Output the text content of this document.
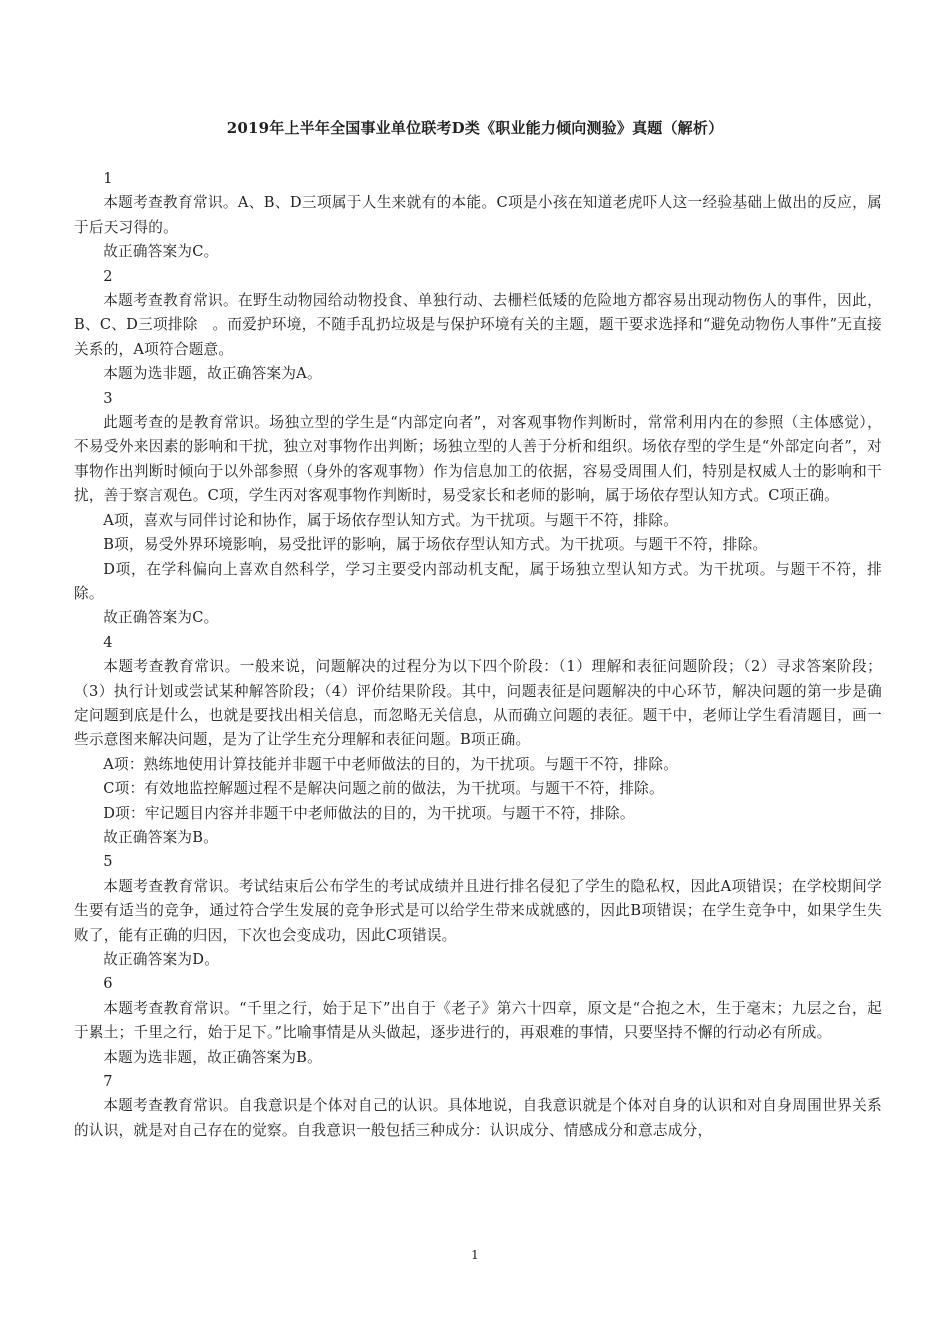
2019年上半年全国事业单位联考D类《职业能力倾向测验》真题（解析）

1

本题考查教育常识。A、B、D三项属于人生来就有的本能。C项是小孩在知道老虎吓人这一经验基础上做出的反应，属于后天习得的。

故正确答案为C。

2

本题考查教育常识。在野生动物园给动物投食、单独行动、去栅栏低矮的危险地方都容易出现动物伤人的事件，因此，B、C、D三项排除　。而爱护环境，不随手乱扔垃圾是与保护环境有关的主题，题干要求选择和“避免动物伤人事件”无直接关系的，A项符合题意。

本题为选非题，故正确答案为A。

3

此题考查的是教育常识。场独立型的学生是“内部定向者”，对客观事物作判断时，常常利用内在的参照（主体感觉），不易受外来因素的影响和干扰，独立对事物作出判断；场独立型的人善于分析和组织。场依存型的学生是“外部定向者”，对事物作出判断时倾向于以外部参照（身外的客观事物）作为信息加工的依据，容易受周围人们，特别是权威人士的影响和干扰，善于察言观色。C项，学生丙对客观事物作判断时，易受家长和老师的影响，属于场依存型认知方式。C项正确。

A项，喜欢与同伴讨论和协作，属于场依存型认知方式。为干扰项。与题干不符，排除。

B项，易受外界环境影响，易受批评的影响，属于场依存型认知方式。为干扰项。与题干不符，排除。

D项，在学科偏向上喜欢自然科学，学习主要受内部动机支配，属于场独立型认知方式。为干扰项。与题干不符，排除。

故正确答案为C。

4

本题考查教育常识。一般来说，问题解决的过程分为以下四个阶段：（1）理解和表征问题阶段；（2）寻求答案阶段；（3）执行计划或尝试某种解答阶段；（4）评价结果阶段。其中，问题表征是问题解决的中心环节，解决问题的第一步是确定问题到底是什么，也就是要找出相关信息，而忽略无关信息，从而确立问题的表征。题干中，老师让学生看清题目，画一些示意图来解决问题，是为了让学生充分理解和表征问题。B项正确。

A项：熟练地使用计算技能并非题干中老师做法的目的，为干扰项。与题干不符，排除。

C项：有效地监控解题过程不是解决问题之前的做法，为干扰项。与题干不符，排除。

D项：牢记题目内容并非题干中老师做法的目的，为干扰项。与题干不符，排除。

故正确答案为B。

5

本题考查教育常识。考试结束后公布学生的考试成绩并且进行排名侵犯了学生的隐私权，因此A项错误；在学校期间学生要有适当的竞争，通过符合学生发展的竞争形式是可以给学生带来成就感的，因此B项错误；在学生竞争中，如果学生失败了，能有正确的归因，下次也会变成功，因此C项错误。

故正确答案为D。

6

本题考查教育常识。“千里之行，始于足下”出自于《老子》第六十四章，原文是“合抱之木，生于毫末；九层之台，起于累土；千里之行，始于足下。”比喻事情是从头做起，逐步进行的，再艰难的事情，只要坚持不懈的行动必有所成。

本题为选非题，故正确答案为B。

7

本题考查教育常识。自我意识是个体对自己的认识。具体地说，自我意识就是个体对自身的认识和对自身周围世界关系的认识，就是对自己存在的觉察。自我意识一般包括三种成分：认识成分、情感成分和意志成分，

1
